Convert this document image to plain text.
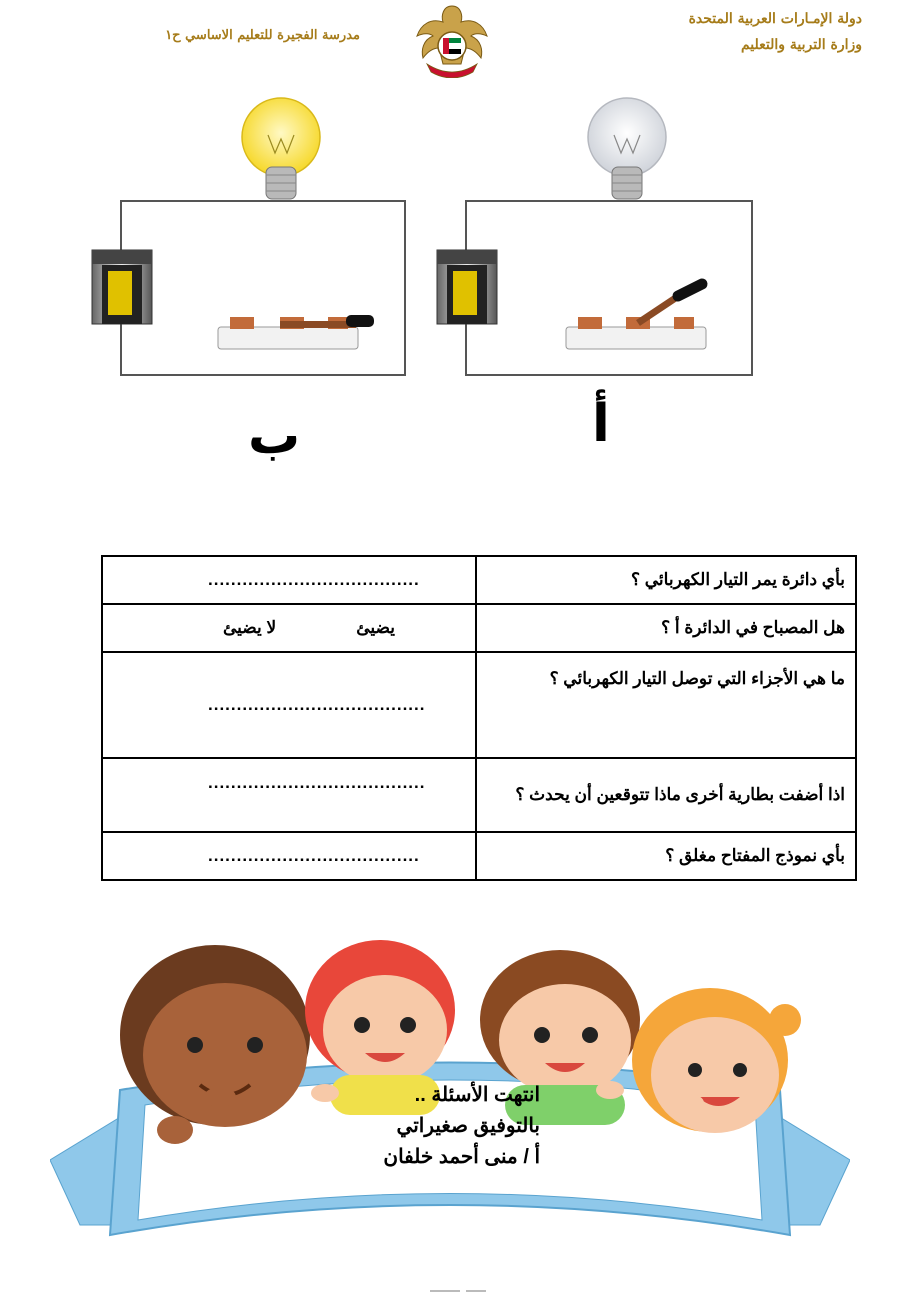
دولة الإمـارات العربية المتحدة
وزارة التربية والتعليم
مدرسة الفجيرة للتعليم الاساسي ح١
ب	أ
بأي دائرة يمر التيار الكهربائي ؟	.....................................
هل المصباح في الدائرة أ ؟	يضيئ
لا يضيئ

ما هي الأجزاء التي توصل التيار الكهربائي ؟	......................................
اذا أضفت بطارية أخرى ماذا تتوقعين أن يحدث ؟	......................................
بأي نموذج المفتاح مغلق ؟	.....................................
انتهت الأسئلة ..
بالتوفيق صغيراتي
أ / منى أحمد خلفان
